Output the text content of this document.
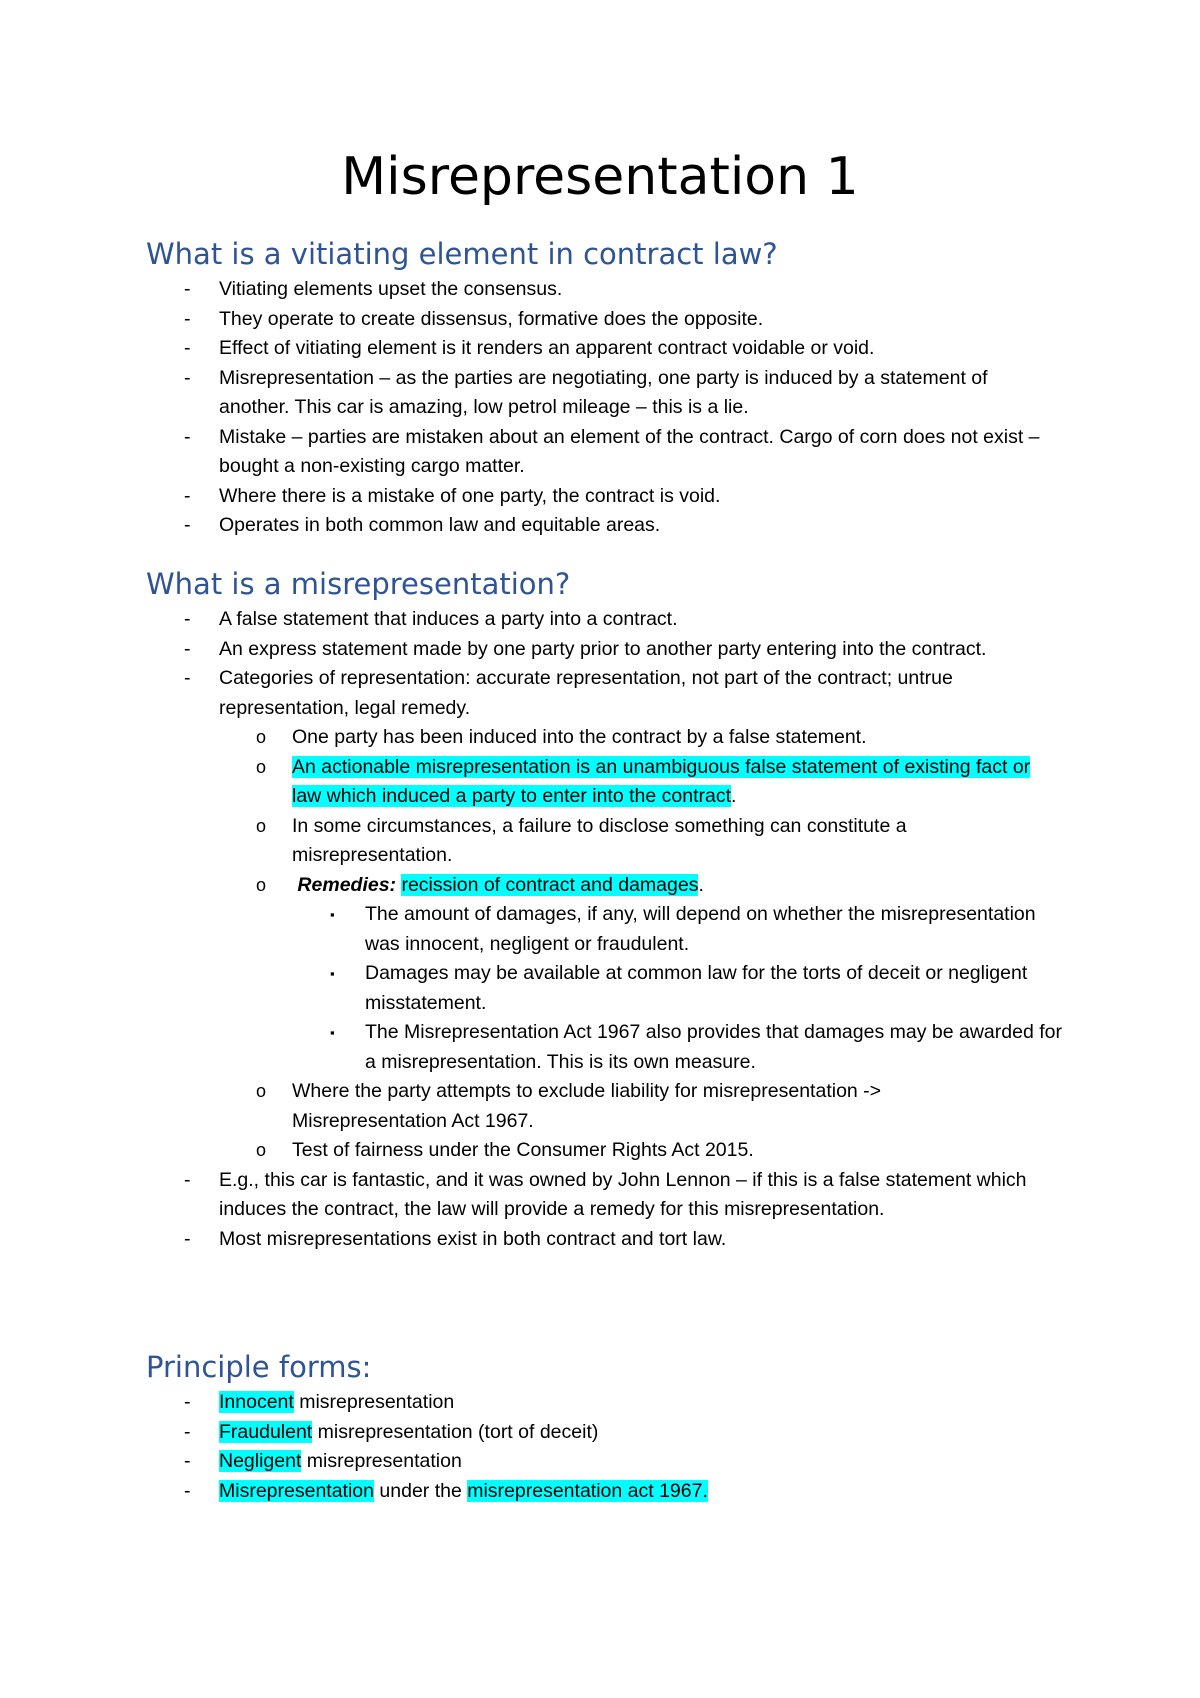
Misrepresentation 1
What is a vitiating element in contract law?
- Vitiating elements upset the consensus.
- They operate to create dissensus, formative does the opposite.
- Effect of vitiating element is it renders an apparent contract voidable or void.
- Misrepresentation – as the parties are negotiating, one party is induced by a statement of another. This car is amazing, low petrol mileage – this is a lie.
- Mistake – parties are mistaken about an element of the contract. Cargo of corn does not exist – bought a non-existing cargo matter.
- Where there is a mistake of one party, the contract is void.
- Operates in both common law and equitable areas.
What is a misrepresentation?
- A false statement that induces a party into a contract.
- An express statement made by one party prior to another party entering into the contract.
- Categories of representation: accurate representation, not part of the contract; untrue representation, legal remedy.
o One party has been induced into the contract by a false statement.
o An actionable misrepresentation is an unambiguous false statement of existing fact or law which induced a party to enter into the contract.
o In some circumstances, a failure to disclose something can constitute a misrepresentation.
o Remedies: recission of contract and damages.
▪ The amount of damages, if any, will depend on whether the misrepresentation was innocent, negligent or fraudulent.
▪ Damages may be available at common law for the torts of deceit or negligent misstatement.
▪ The Misrepresentation Act 1967 also provides that damages may be awarded for a misrepresentation. This is its own measure.
o Where the party attempts to exclude liability for misrepresentation -> Misrepresentation Act 1967.
o Test of fairness under the Consumer Rights Act 2015.
- E.g., this car is fantastic, and it was owned by John Lennon – if this is a false statement which induces the contract, the law will provide a remedy for this misrepresentation.
- Most misrepresentations exist in both contract and tort law.
Principle forms:
- Innocent misrepresentation
- Fraudulent misrepresentation (tort of deceit)
- Negligent misrepresentation
- Misrepresentation under the misrepresentation act 1967.
